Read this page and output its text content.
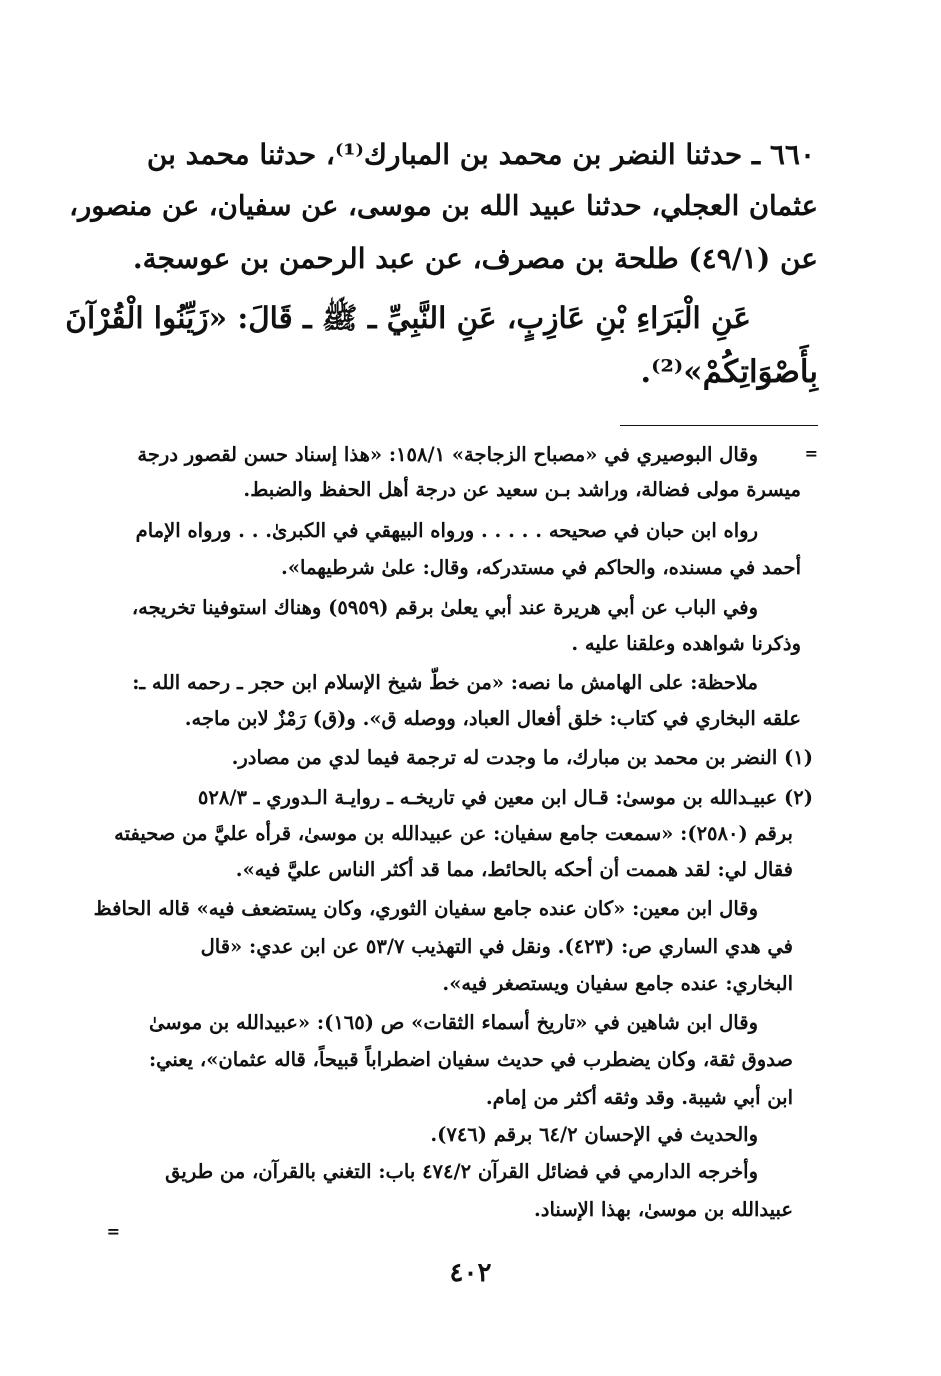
٦٦٠ ـ حدثنا النضر بن محمد بن المبارك⁽¹⁾، حدثنا محمد بن
عثمان العجلي، حدثنا عبيد الله بن موسى، عن سفيان، عن منصور،
عن (٤٩/١) طلحة بن مصرف، عن عبد الرحمن بن عوسجة.
عَنِ الْبَرَاءِ بْنِ عَازِبٍ، عَنِ النَّبِيِّ ـ ﷺ ـ قَالَ: «زَيِّنُوا الْقُرْآنَ
بِأَصْوَاتِكُمْ»⁽²⁾.
=
وقال البوصيري في «مصباح الزجاجة» ١٥٨/١: «هذا إسناد حسن لقصور درجة
ميسرة مولى فضالة، وراشد بـن سعيد عن درجة أهل الحفظ والضبط.
رواه ابن حبان في صحيحه . . . . . ورواه البيهقي في الكبرىٰ. . . ورواه الإمام
أحمد في مسنده، والحاكم في مستدركه، وقال: علىٰ شرطيهما».
وفي الباب عن أبي هريرة عند أبي يعلىٰ برقم (٥٩٥٩) وهناك استوفينا تخريجه،
وذكرنا شواهده وعلقنا عليه .
ملاحظة: على الهامش ما نصه: «من خطّ شيخ الإسلام ابن حجر ـ رحمه الله ـ:
علقه البخاري في كتاب: خلق أفعال العباد، ووصله ق». و(ق) رَمْزٌ لابن ماجه.
(١) النضر بن محمد بن مبارك، ما وجدت له ترجمة فيما لدي من مصادر.
(٢) عبيـدالله بن موسىٰ: قـال ابن معين في تاريخـه ـ روايـة الـدوري ـ ٥٢٨/٣
برقم (٢٥٨٠): «سمعت جامع سفيان: عن عبيدالله بن موسىٰ، قرأه عليَّ من صحيفته
فقال لي: لقد هممت أن أحكه بالحائط، مما قد أكثر الناس عليَّ فيه».
وقال ابن معين: «كان عنده جامع سفيان الثوري، وكان يستضعف فيه» قاله الحافظ
في هدي الساري ص: (٤٢٣). ونقل في التهذيب ٥٣/٧ عن ابن عدي: «قال
البخاري: عنده جامع سفيان ويستصغر فيه».
وقال ابن شاهين في «تاريخ أسماء الثقات» ص (١٦٥): «عبيدالله بن موسىٰ
صدوق ثقة، وكان يضطرب في حديث سفيان اضطراباً قبيحاً، قاله عثمان»، يعني:
ابن أبي شيبة. وقد وثقه أكثر من إمام.
والحديث في الإحسان ٦٤/٢ برقم (٧٤٦).
وأخرجه الدارمي في فضائل القرآن ٤٧٤/٢ باب: التغني بالقرآن، من طريق
عبيدالله بن موسىٰ، بهذا الإسناد.
=
٤٠٢
